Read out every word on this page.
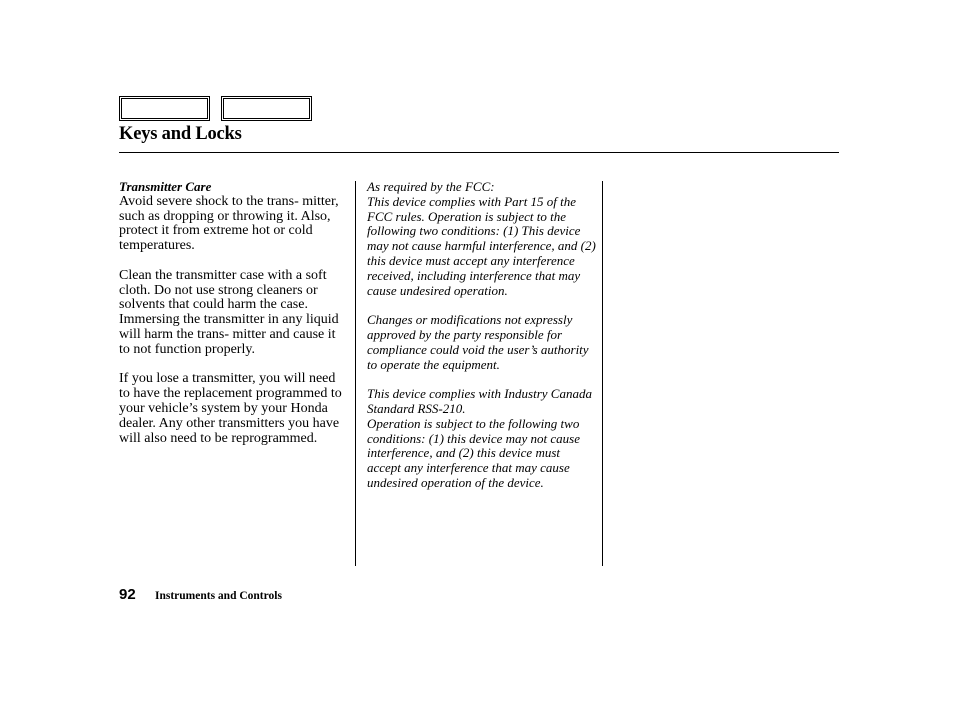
Keys and Locks
Transmitter Care

Avoid severe shock to the trans- mitter, such as dropping or throwing it. Also, protect it from extreme hot or cold temperatures.

Clean the transmitter case with a soft cloth. Do not use strong cleaners or solvents that could harm the case. Immersing the transmitter in any liquid will harm the trans- mitter and cause it to not function properly.

If you lose a transmitter, you will need to have the replacement programmed to your vehicle’s system by your Honda dealer. Any other transmitters you have will also need to be reprogrammed.

As required by the FCC:

This device complies with Part 15 of the FCC rules. Operation is subject to the following two conditions: (1) This device may not cause harmful interference, and (2) this device must accept any interference received, including interference that may cause undesired operation.

Changes or modifications not expressly approved by the party responsible for compliance could void the user’s authority to operate the equipment.

This device complies with Industry Canada Standard RSS-210.

Operation is subject to the following two conditions: (1) this device may not cause interference, and (2) this device must accept any interference that may cause undesired operation of the device.

92 Instruments and Controls
